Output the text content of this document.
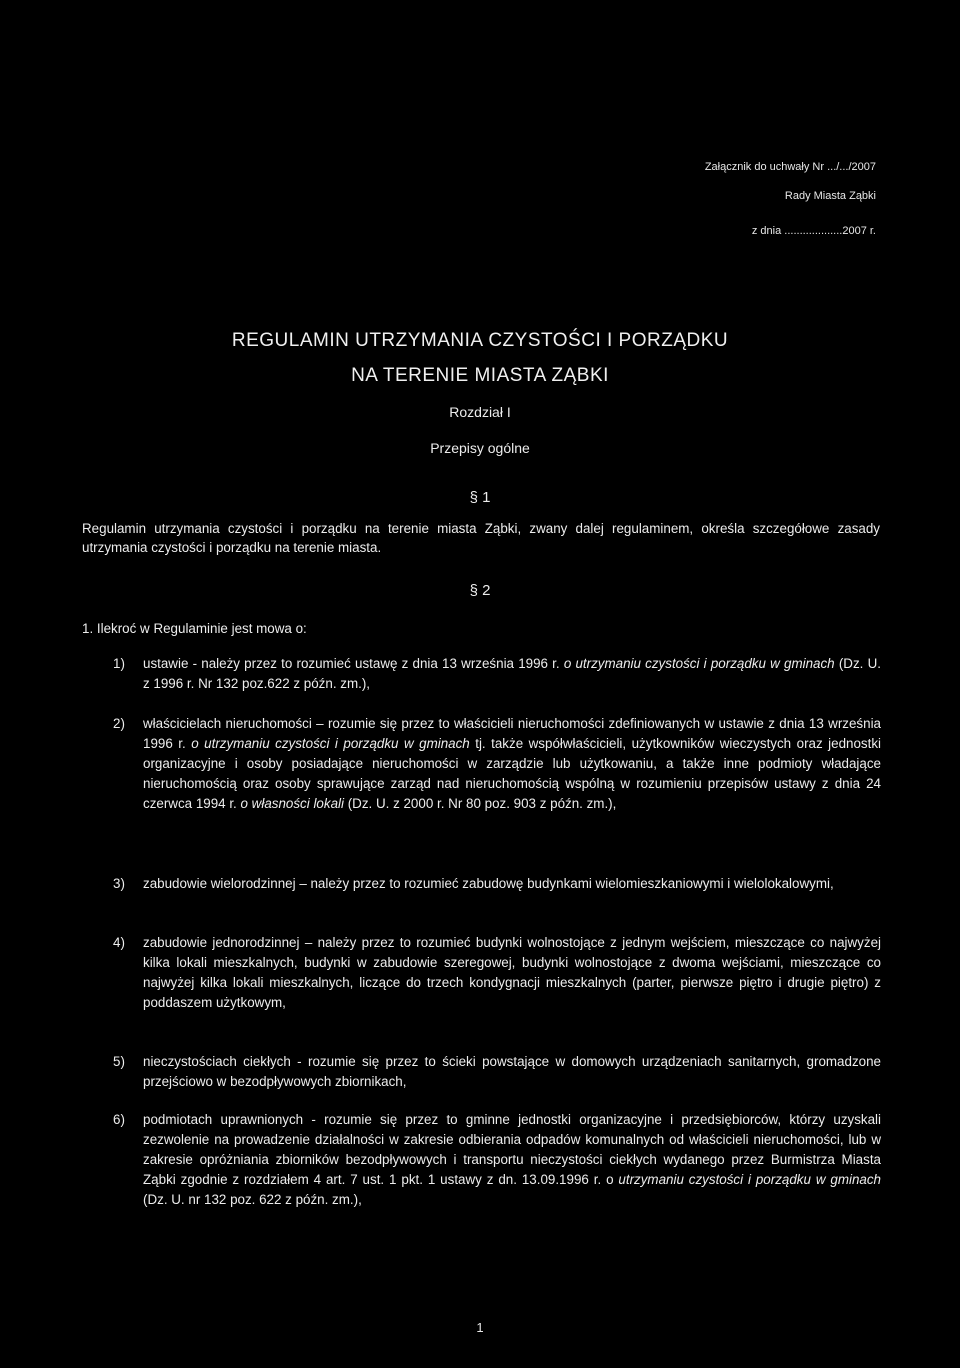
Załącznik do uchwały Nr .../.../2007
Rady Miasta Ząbki
z dnia ...................2007 r.
REGULAMIN UTRZYMANIA CZYSTOŚCI I PORZĄDKU
NA TERENIE MIASTA ZĄBKI
Rozdział I
Przepisy ogólne
§ 1
Regulamin utrzymania czystości i porządku na terenie miasta Ząbki, zwany dalej regulaminem, określa szczegółowe zasady utrzymania czystości i porządku na terenie miasta.
§ 2
1. Ilekroć w Regulaminie jest mowa o:
1)	ustawie - należy przez to rozumieć ustawę z dnia 13 września 1996 r. o utrzymaniu czystości i porządku w gminach (Dz. U. z 1996 r. Nr 132 poz.622 z późn. zm.),
2)	właścicielach nieruchomości – rozumie się przez to właścicieli nieruchomości zdefiniowanych w ustawie z dnia 13 września 1996 r. o utrzymaniu czystości i porządku w gminach tj. także współwłaścicieli, użytkowników wieczystych oraz jednostki organizacyjne i osoby posiadające nieruchomości w zarządzie lub użytkowaniu, a także inne podmioty władające nieruchomością oraz osoby sprawujące zarząd nad nieruchomością wspólną w rozumieniu przepisów ustawy z dnia 24 czerwca 1994 r. o własności lokali (Dz. U. z 2000 r. Nr 80 poz. 903 z późn. zm.),
3)	zabudowie wielorodzinnej – należy przez to rozumieć zabudowę budynkami wielomieszkaniowymi i wielolokalowymi,
4)	zabudowie jednorodzinnej – należy przez to rozumieć budynki wolnostojące z jednym wejściem, mieszczące co najwyżej kilka lokali mieszkalnych, budynki w zabudowie szeregowej, budynki wolnostojące z dwoma wejściami, mieszczące co najwyżej kilka lokali mieszkalnych, liczące do trzech kondygnacji mieszkalnych (parter, pierwsze piętro i drugie piętro) z poddaszem użytkowym,
5)	nieczystościach ciekłych - rozumie się przez to ścieki powstające w domowych urządzeniach sanitarnych, gromadzone przejściowo w bezodpływowych zbiornikach,
6)	podmiotach uprawnionych - rozumie się przez to gminne jednostki organizacyjne i przedsiębiorców, którzy uzyskali zezwolenie na prowadzenie działalności w zakresie odbierania odpadów komunalnych od właścicieli nieruchomości, lub w zakresie opróżniania zbiorników bezodpływowych i transportu nieczystości ciekłych wydanego przez Burmistrza Miasta Ząbki zgodnie z rozdziałem 4 art. 7 ust. 1 pkt. 1 ustawy z dn. 13.09.1996 r. o utrzymaniu czystości i porządku w gminach (Dz. U. nr 132 poz. 622 z późn. zm.),
1
